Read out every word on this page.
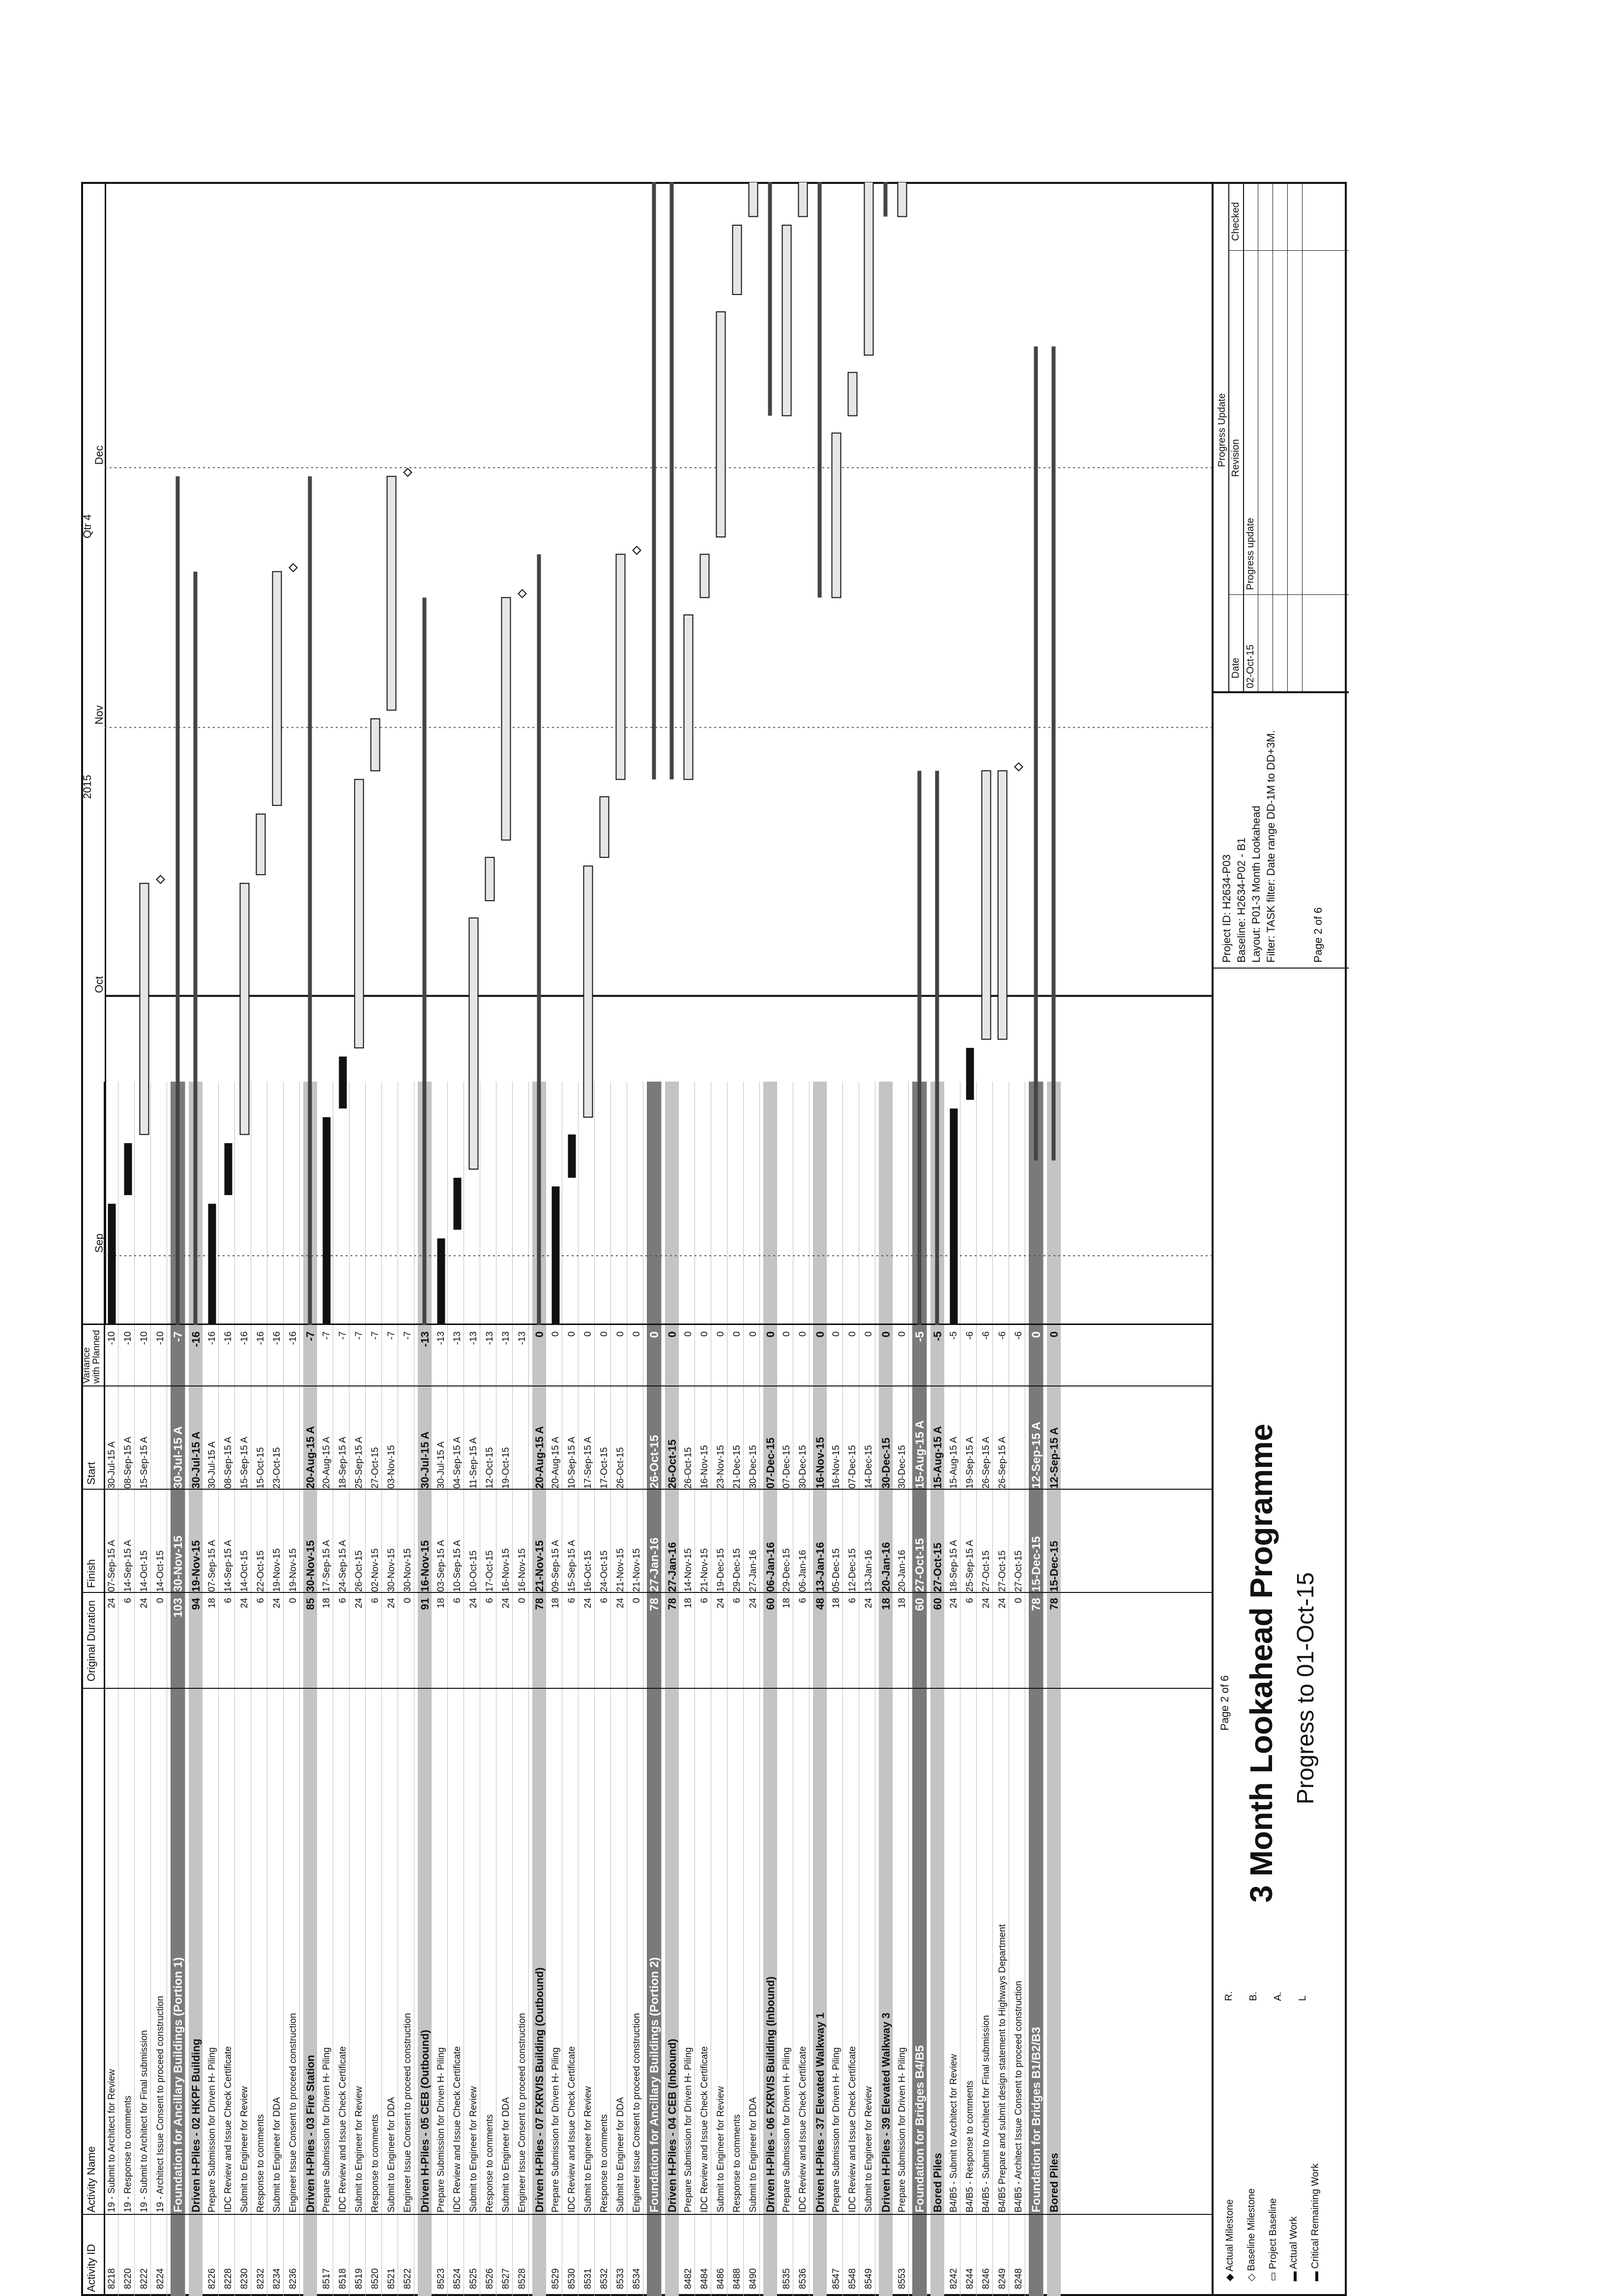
Activity ID
Activity Name
Original Duration
Finish
Start
Variance with Planned
8218
19 - Submit to Architect for Review
24
07-Sep-15 A
30-Jul-15 A
-10
8220
19 - Response to comments
6
14-Sep-15 A
08-Sep-15 A
-10
8222
19 - Submit to Architect for Final submission
24
14-Oct-15
15-Sep-15 A
-10
8224
19 - Architect Issue Consent to proceed construction
0
14-Oct-15
-10
Foundation for Ancillary Buildings (Portion 1)
103
30-Nov-15
30-Jul-15 A
-7
Driven H-Piles - 02 HKPF Building
94
19-Nov-15
30-Jul-15 A
-16
8226
Prepare Submission for Driven H- Piling
18
07-Sep-15 A
30-Jul-15 A
-16
8228
IDC Review and Issue Check Certificate
6
14-Sep-15 A
08-Sep-15 A
-16
8230
Submit to Engineer for Review
24
14-Oct-15
15-Sep-15 A
-16
8232
Response to comments
6
22-Oct-15
15-Oct-15
-16
8234
Submit to Engineer for DDA
24
19-Nov-15
23-Oct-15
-16
8236
Engineer Issue Consent to proceed construction
0
19-Nov-15
-16
Driven H-Piles - 03 Fire Station
85
30-Nov-15
20-Aug-15 A
-7
8517
Prepare Submission for Driven H- Piling
18
17-Sep-15 A
20-Aug-15 A
-7
8518
IDC Review and Issue Check Certificate
6
24-Sep-15 A
18-Sep-15 A
-7
8519
Submit to Engineer for Review
24
26-Oct-15
25-Sep-15 A
-7
8520
Response to comments
6
02-Nov-15
27-Oct-15
-7
8521
Submit to Engineer for DDA
24
30-Nov-15
03-Nov-15
-7
8522
Engineer Issue Consent to proceed construction
0
30-Nov-15
-7
Driven H-Piles - 05 CEB (Outbound)
91
16-Nov-15
30-Jul-15 A
-13
8523
Prepare Submission for Driven H- Piling
18
03-Sep-15 A
30-Jul-15 A
-13
8524
IDC Review and Issue Check Certificate
6
10-Sep-15 A
04-Sep-15 A
-13
8525
Submit to Engineer for Review
24
10-Oct-15
11-Sep-15 A
-13
8526
Response to comments
6
17-Oct-15
12-Oct-15
-13
8527
Submit to Engineer for DDA
24
16-Nov-15
19-Oct-15
-13
8528
Engineer Issue Consent to proceed construction
0
16-Nov-15
-13
Driven H-Piles - 07 FXRVIS Building (Outbound)
78
21-Nov-15
20-Aug-15 A
0
8529
Prepare Submission for Driven H- Piling
18
09-Sep-15 A
20-Aug-15 A
0
8530
IDC Review and Issue Check Certificate
6
15-Sep-15 A
10-Sep-15 A
0
8531
Submit to Engineer for Review
24
16-Oct-15
17-Sep-15 A
0
8532
Response to comments
6
24-Oct-15
17-Oct-15
0
8533
Submit to Engineer for DDA
24
21-Nov-15
26-Oct-15
0
8534
Engineer Issue Consent to proceed construction
0
21-Nov-15
0
Foundation for Ancillary Buildings (Portion 2)
78
27-Jan-16
26-Oct-15
0
Driven H-Piles - 04 CEB (Inbound)
78
27-Jan-16
26-Oct-15
0
8482
Prepare Submission for Driven H- Piling
18
14-Nov-15
26-Oct-15
0
8484
IDC Review and Issue Check Certificate
6
21-Nov-15
16-Nov-15
0
8486
Submit to Engineer for Review
24
19-Dec-15
23-Nov-15
0
8488
Response to comments
6
29-Dec-15
21-Dec-15
0
8490
Submit to Engineer for DDA
24
27-Jan-16
30-Dec-15
0
Driven H-Piles - 06 FXRVIS Building (Inbound)
60
06-Jan-16
07-Dec-15
0
8535
Prepare Submission for Driven H- Piling
18
29-Dec-15
07-Dec-15
0
8536
IDC Review and Issue Check Certificate
6
06-Jan-16
30-Dec-15
0
Driven H-Piles - 37 Elevated Walkway 1
48
13-Jan-16
16-Nov-15
0
8547
Prepare Submission for Driven H- Piling
18
05-Dec-15
16-Nov-15
0
8548
IDC Review and Issue Check Certificate
6
12-Dec-15
07-Dec-15
0
8549
Submit to Engineer for Review
24
13-Jan-16
14-Dec-15
0
Driven H-Piles - 39 Elevated Walkway 3
18
20-Jan-16
30-Dec-15
0
8553
Prepare Submission for Driven H- Piling
18
20-Jan-16
30-Dec-15
0
Foundation for Bridges B4/B5
60
27-Oct-15
15-Aug-15 A
-5
Bored Piles
60
27-Oct-15
15-Aug-15 A
-5
8242
B4/B5 - Submit to Architect for Review
24
18-Sep-15 A
15-Aug-15 A
-5
8244
B4/B5 - Response to comments
6
25-Sep-15 A
19-Sep-15 A
-6
8246
B4/B5 - Submit to Architect for Final submission
24
27-Oct-15
26-Sep-15 A
-6
8249
B4/B5 Prepare and submit design statement to Highways Department
24
27-Oct-15
26-Sep-15 A
-6
8248
B4/B5 - Architect Issue Consent to proceed construction
0
27-Oct-15
-6
Foundation for Bridges B1/B2/B3
78
15-Dec-15
12-Sep-15 A
0
Bored Piles
78
15-Dec-15
12-Sep-15 A
0
2015
Qtr 4
Sep
Oct
Nov
Dec
◆ Actual Milestone
◇ Baseline Milestone
▭ Project Baseline
▬ Actual Work
▬ Critical Remaining Work
R. B. A. L
3 Month Lookahead Programme Progress to 01-Oct-15
Page 2 of 6
Project ID: H2634-P03 Baseline: H2634-P02 - B1 Layout: P01-3 Month Lookahead Filter: TASK filter: Date range DD-1M to DD+3M.	Page 2 of 6
Progress Update
Date
Revision
Checked
02-Oct-15
Progress update
